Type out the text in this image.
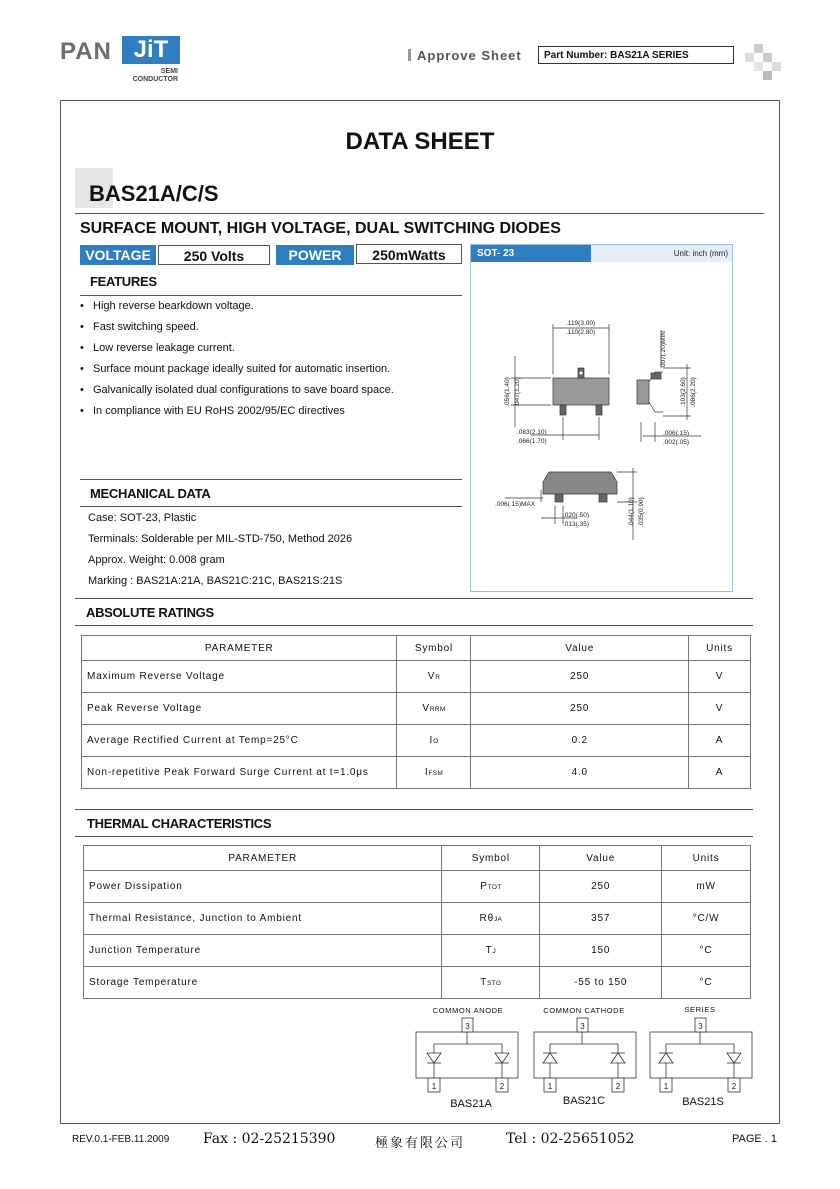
PAN JiT
SEMI
CONDUCTOR
Approve Sheet	Part Number: BAS21A SERIES
DATA SHEET
BAS21A/C/S
SURFACE MOUNT, HIGH VOLTAGE, DUAL SWITCHING DIODES
VOLTAGE	250 Volts	POWER	250mWatts
FEATURES
• High reverse bearkdown voltage.
• Fast switching speed.
• Low reverse leakage current.
• Surface mount package ideally suited for automatic insertion.
• Galvanically isolated dual configurations to save board space.
• In compliance with EU RoHS 2002/95/EC directives
MECHANICAL DATA
Case: SOT-23, Plastic
Terminals: Solderable per MIL-STD-750, Method 2026
Approx. Weight: 0.008 gram
Marking : BAS21A:21A, BAS21C:21C, BAS21S:21S
SOT- 23	Unit: inch (mm)
.119(3.00)
.110(2.80)
.056(1.40) .047(1.20)
.007(.20)MIN
.103(2.60) .086(2.20)
.083(2.10)
.066(1.70)
.006(.15)
.002(.05)
.006(.15)MAX
.020(.50)
.013(.35)	.044(1.10) .035(0.90)
ABSOLUTE RATINGS
PARAMETER	Symbol	Value	Units
Maximum Reverse Voltage	VR	250	V
Peak Reverse Voltage	VRRM	250	V
Average Rectified Current at Temp=25°C	IO	0.2	A
Non-repetitive Peak Forward Surge Current at t=1.0μs	IFSM	4.0	A
THERMAL CHARACTERISTICS
PARAMETER	Symbol	Value	Units
Power Dissipation	PTOT	250	mW
Thermal Resistance, Junction to Ambient	RθJA	357	°C/W
Junction Temperature	TJ	150	°C
Storage Temperature	TSTG	-55 to 150	°C
COMMON ANODE	COMMON CATHODE	SERIES
3
1	2
3
1	2
3
1	2
BAS21A	BAS21C	BAS21S
REV.0.1-FEB.11.2009 Fax : 02-25215390	極象有限公司	Tel : 02-25651052	PAGE . 1
